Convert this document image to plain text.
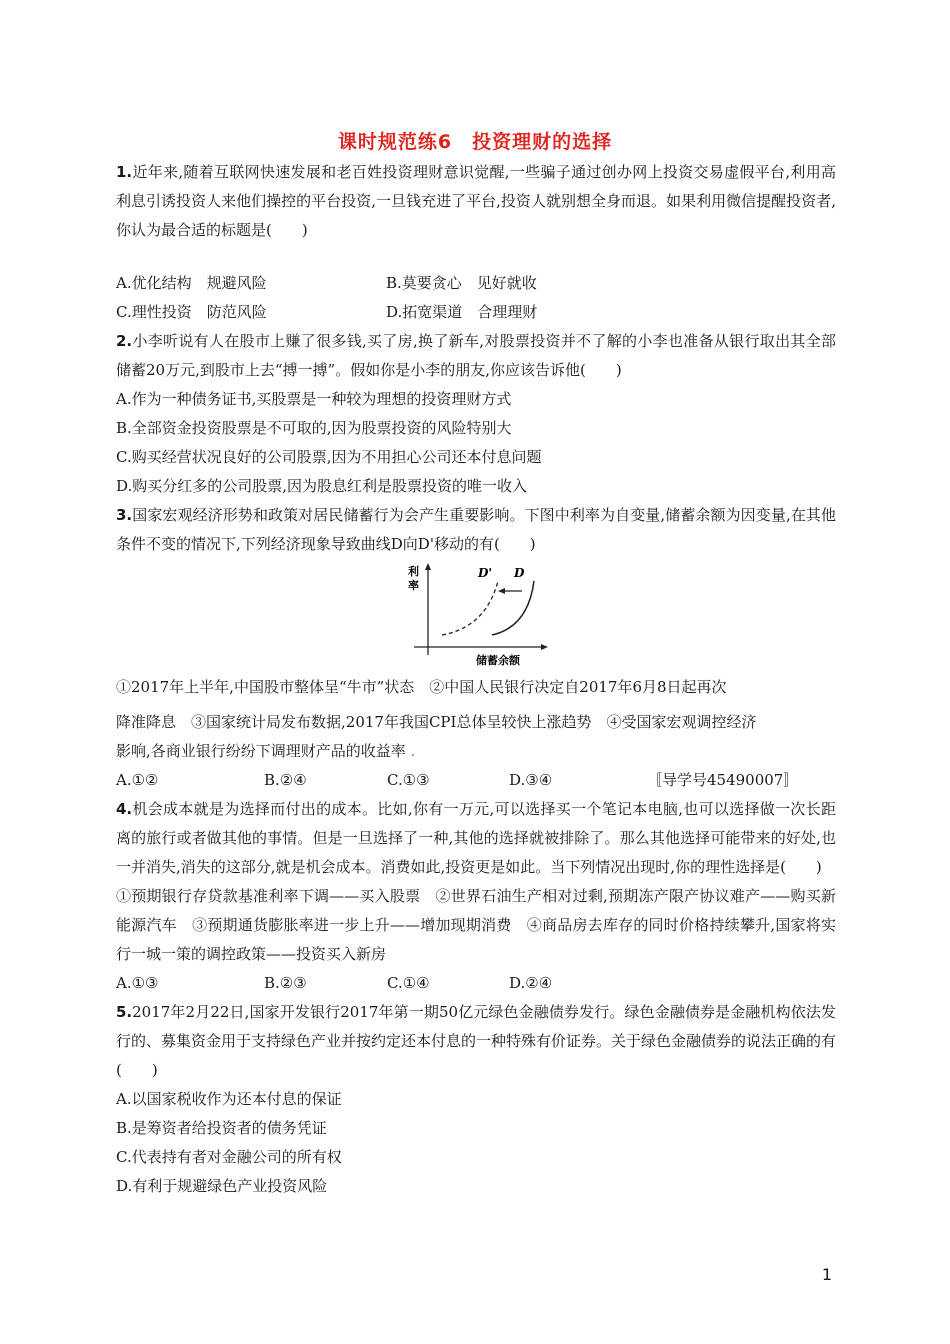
课时规范练6　投资理财的选择

1.近年来,随着互联网快速发展和老百姓投资理财意识觉醒,一些骗子通过创办网上投资交易虚假平台,利用高利息引诱投资人来他们操控的平台投资,一旦钱充进了平台,投资人就别想全身而退。如果利用微信提醒投资者,你认为最合适的标题是(　　)

A.优化结构　规避风险	B.莫要贪心　见好就收
C.理性投资　防范风险	D.拓宽渠道　合理理财

2.小李听说有人在股市上赚了很多钱,买了房,换了新车,对股票投资并不了解的小李也准备从银行取出其全部储蓄20万元,到股市上去“搏一搏”。假如你是小李的朋友,你应该告诉他(　　)

A.作为一种债务证书,买股票是一种较为理想的投资理财方式
B.全部资金投资股票是不可取的,因为股票投资的风险特别大
C.购买经营状况良好的公司股票,因为不用担心公司还本付息问题
D.购买分红多的公司股票,因为股息红利是股票投资的唯一收入

3.国家宏观经济形势和政策对居民储蓄行为会产生重要影响。下图中利率为自变量,储蓄余额为因变量,在其他条件不变的情况下,下列经济现象导致曲线D向D'移动的有(　　)

利
率
D' D
储蓄余额
①2017年上半年,中国股市整体呈“牛市”状态　②中国人民银行决定自2017年6月8日起再次
降准降息　③国家统计局发布数据,2017年我国CPI总体呈较快上涨趋势　④受国家宏观调控经济
影响,各商业银行纷纷下调理财产品的收益率 .
A.①②	B.②④	C.①③	D.③④	〚导学号45490007〛

4.机会成本就是为选择而付出的成本。比如,你有一万元,可以选择买一个笔记本电脑,也可以选择做一次长距离的旅行或者做其他的事情。但是一旦选择了一种,其他的选择就被排除了。那么其他选择可能带来的好处,也一并消失,消失的这部分,就是机会成本。消费如此,投资更是如此。当下列情况出现时,你的理性选择是(　　)

①预期银行存贷款基准利率下调——买入股票　②世界石油生产相对过剩,预期冻产限产协议难产——购买新能源汽车　③预期通货膨胀率进一步上升——增加现期消费　④商品房去库存的同时价格持续攀升,国家将实行一城一策的调控政策——投资买入新房

A.①③	B.②③	C.①④	D.②④

5.2017年2月22日,国家开发银行2017年第一期50亿元绿色金融债券发行。绿色金融债券是金融机构依法发行的、募集资金用于支持绿色产业并按约定还本付息的一种特殊有价证券。关于绿色金融债券的说法正确的有　　　　　(　　)

A.以国家税收作为还本付息的保证
B.是筹资者给投资者的债务凭证
C.代表持有者对金融公司的所有权
D.有利于规避绿色产业投资风险
1
